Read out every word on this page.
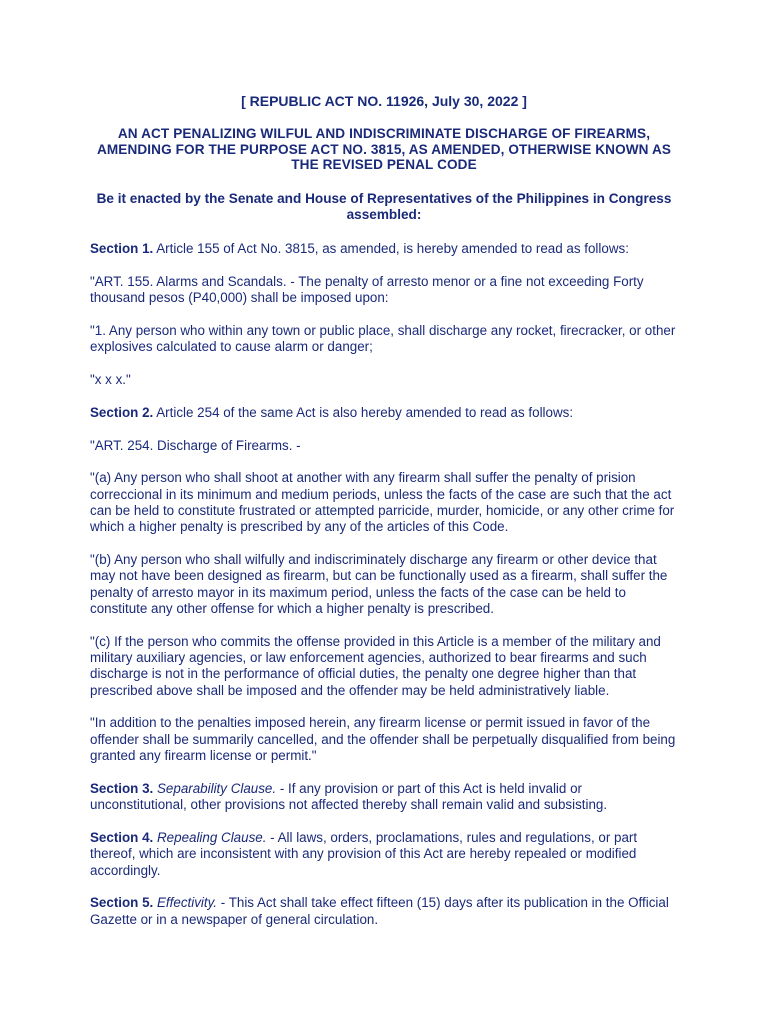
[ REPUBLIC ACT NO. 11926, July 30, 2022 ]
AN ACT PENALIZING WILFUL AND INDISCRIMINATE DISCHARGE OF FIREARMS, AMENDING FOR THE PURPOSE ACT NO. 3815, AS AMENDED, OTHERWISE KNOWN AS THE REVISED PENAL CODE
Be it enacted by the Senate and House of Representatives of the Philippines in Congress assembled:

Section 1. Article 155 of Act No. 3815, as amended, is hereby amended to read as follows:

"ART. 155. Alarms and Scandals. - The penalty of arresto menor or a fine not exceeding Forty thousand pesos (P40,000) shall be imposed upon:

"1. Any person who within any town or public place, shall discharge any rocket, firecracker, or other explosives calculated to cause alarm or danger;

"x x x."

Section 2. Article 254 of the same Act is also hereby amended to read as follows:

"ART. 254. Discharge of Firearms. -

"(a) Any person who shall shoot at another with any firearm shall suffer the penalty of prision correccional in its minimum and medium periods, unless the facts of the case are such that the act can be held to constitute frustrated or attempted parricide, murder, homicide, or any other crime for which a higher penalty is prescribed by any of the articles of this Code.

"(b) Any person who shall wilfully and indiscriminately discharge any firearm or other device that may not have been designed as firearm, but can be functionally used as a firearm, shall suffer the penalty of arresto mayor in its maximum period, unless the facts of the case can be held to constitute any other offense for which a higher penalty is prescribed.

"(c) If the person who commits the offense provided in this Article is a member of the military and military auxiliary agencies, or law enforcement agencies, authorized to bear firearms and such discharge is not in the performance of official duties, the penalty one degree higher than that prescribed above shall be imposed and the offender may be held administratively liable.

"In addition to the penalties imposed herein, any firearm license or permit issued in favor of the offender shall be summarily cancelled, and the offender shall be perpetually disqualified from being granted any firearm license or permit."

Section 3. Separability Clause. - If any provision or part of this Act is held invalid or unconstitutional, other provisions not affected thereby shall remain valid and subsisting.

Section 4. Repealing Clause. - All laws, orders, proclamations, rules and regulations, or part thereof, which are inconsistent with any provision of this Act are hereby repealed or modified accordingly.

Section 5. Effectivity. - This Act shall take effect fifteen (15) days after its publication in the Official Gazette or in a newspaper of general circulation.
